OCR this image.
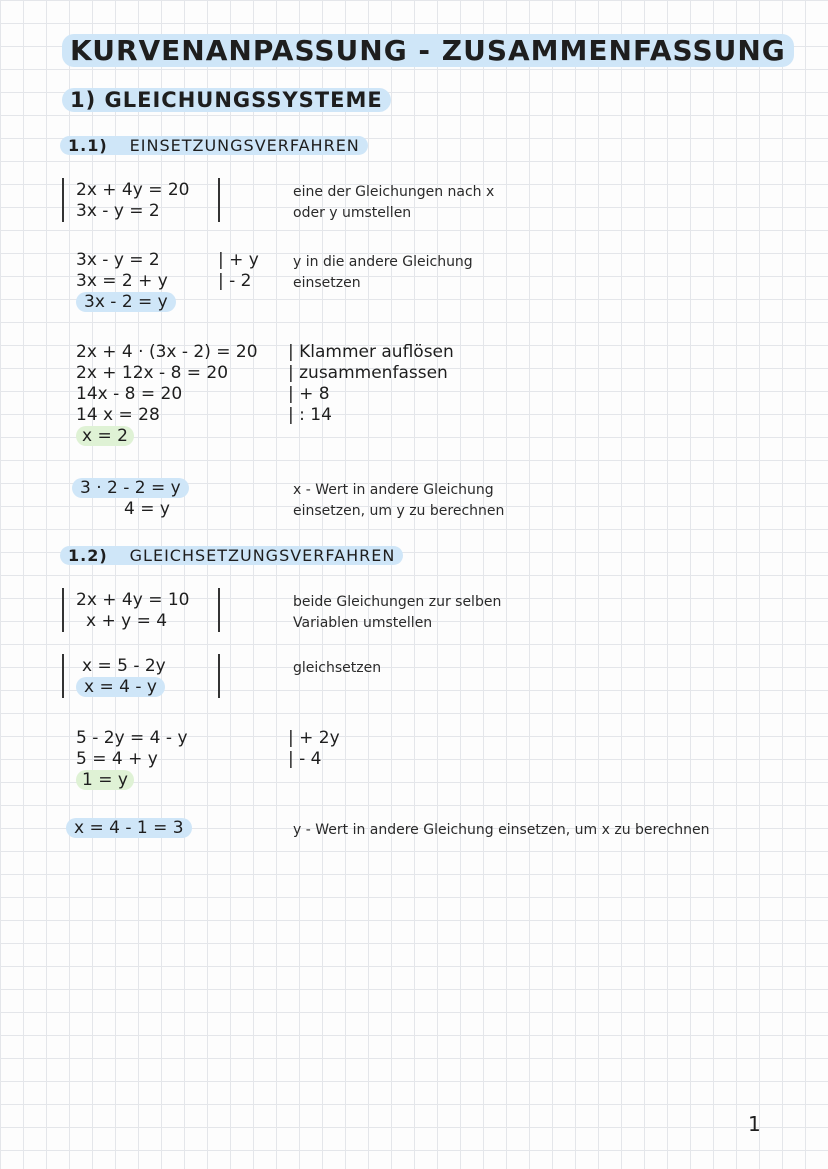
KURVENANPASSUNG - ZUSAMMENFASSUNG
1) GLEICHUNGSSYSTEME
1.1) EINSETZUNGSVERFAHREN
2x + 4y = 20
3x - y = 2
eine der Gleichungen nach x
oder y umstellen
3x - y = 2
3x = 2 + y
3x - 2 = y
| + y
| - 2
y in die andere Gleichung
einsetzen
2x + 4 · (3x - 2) = 20
2x + 12x - 8 = 20
14x - 8 = 20
14 x = 28
x = 2
| Klammer auflösen
| zusammenfassen
| + 8
| : 14
3 · 2 - 2 = y
4 = y
x - Wert in andere Gleichung
einsetzen, um y zu berechnen
1.2) GLEICHSETZUNGSVERFAHREN
2x + 4y = 10
x + y = 4
beide Gleichungen zur selben
Variablen umstellen
x = 5 - 2y
x = 4 - y
gleichsetzen
5 - 2y = 4 - y
5 = 4 + y
1 = y
| + 2y
| - 4
x = 4 - 1 = 3	y - Wert in andere Gleichung einsetzen, um x zu berechnen
1
